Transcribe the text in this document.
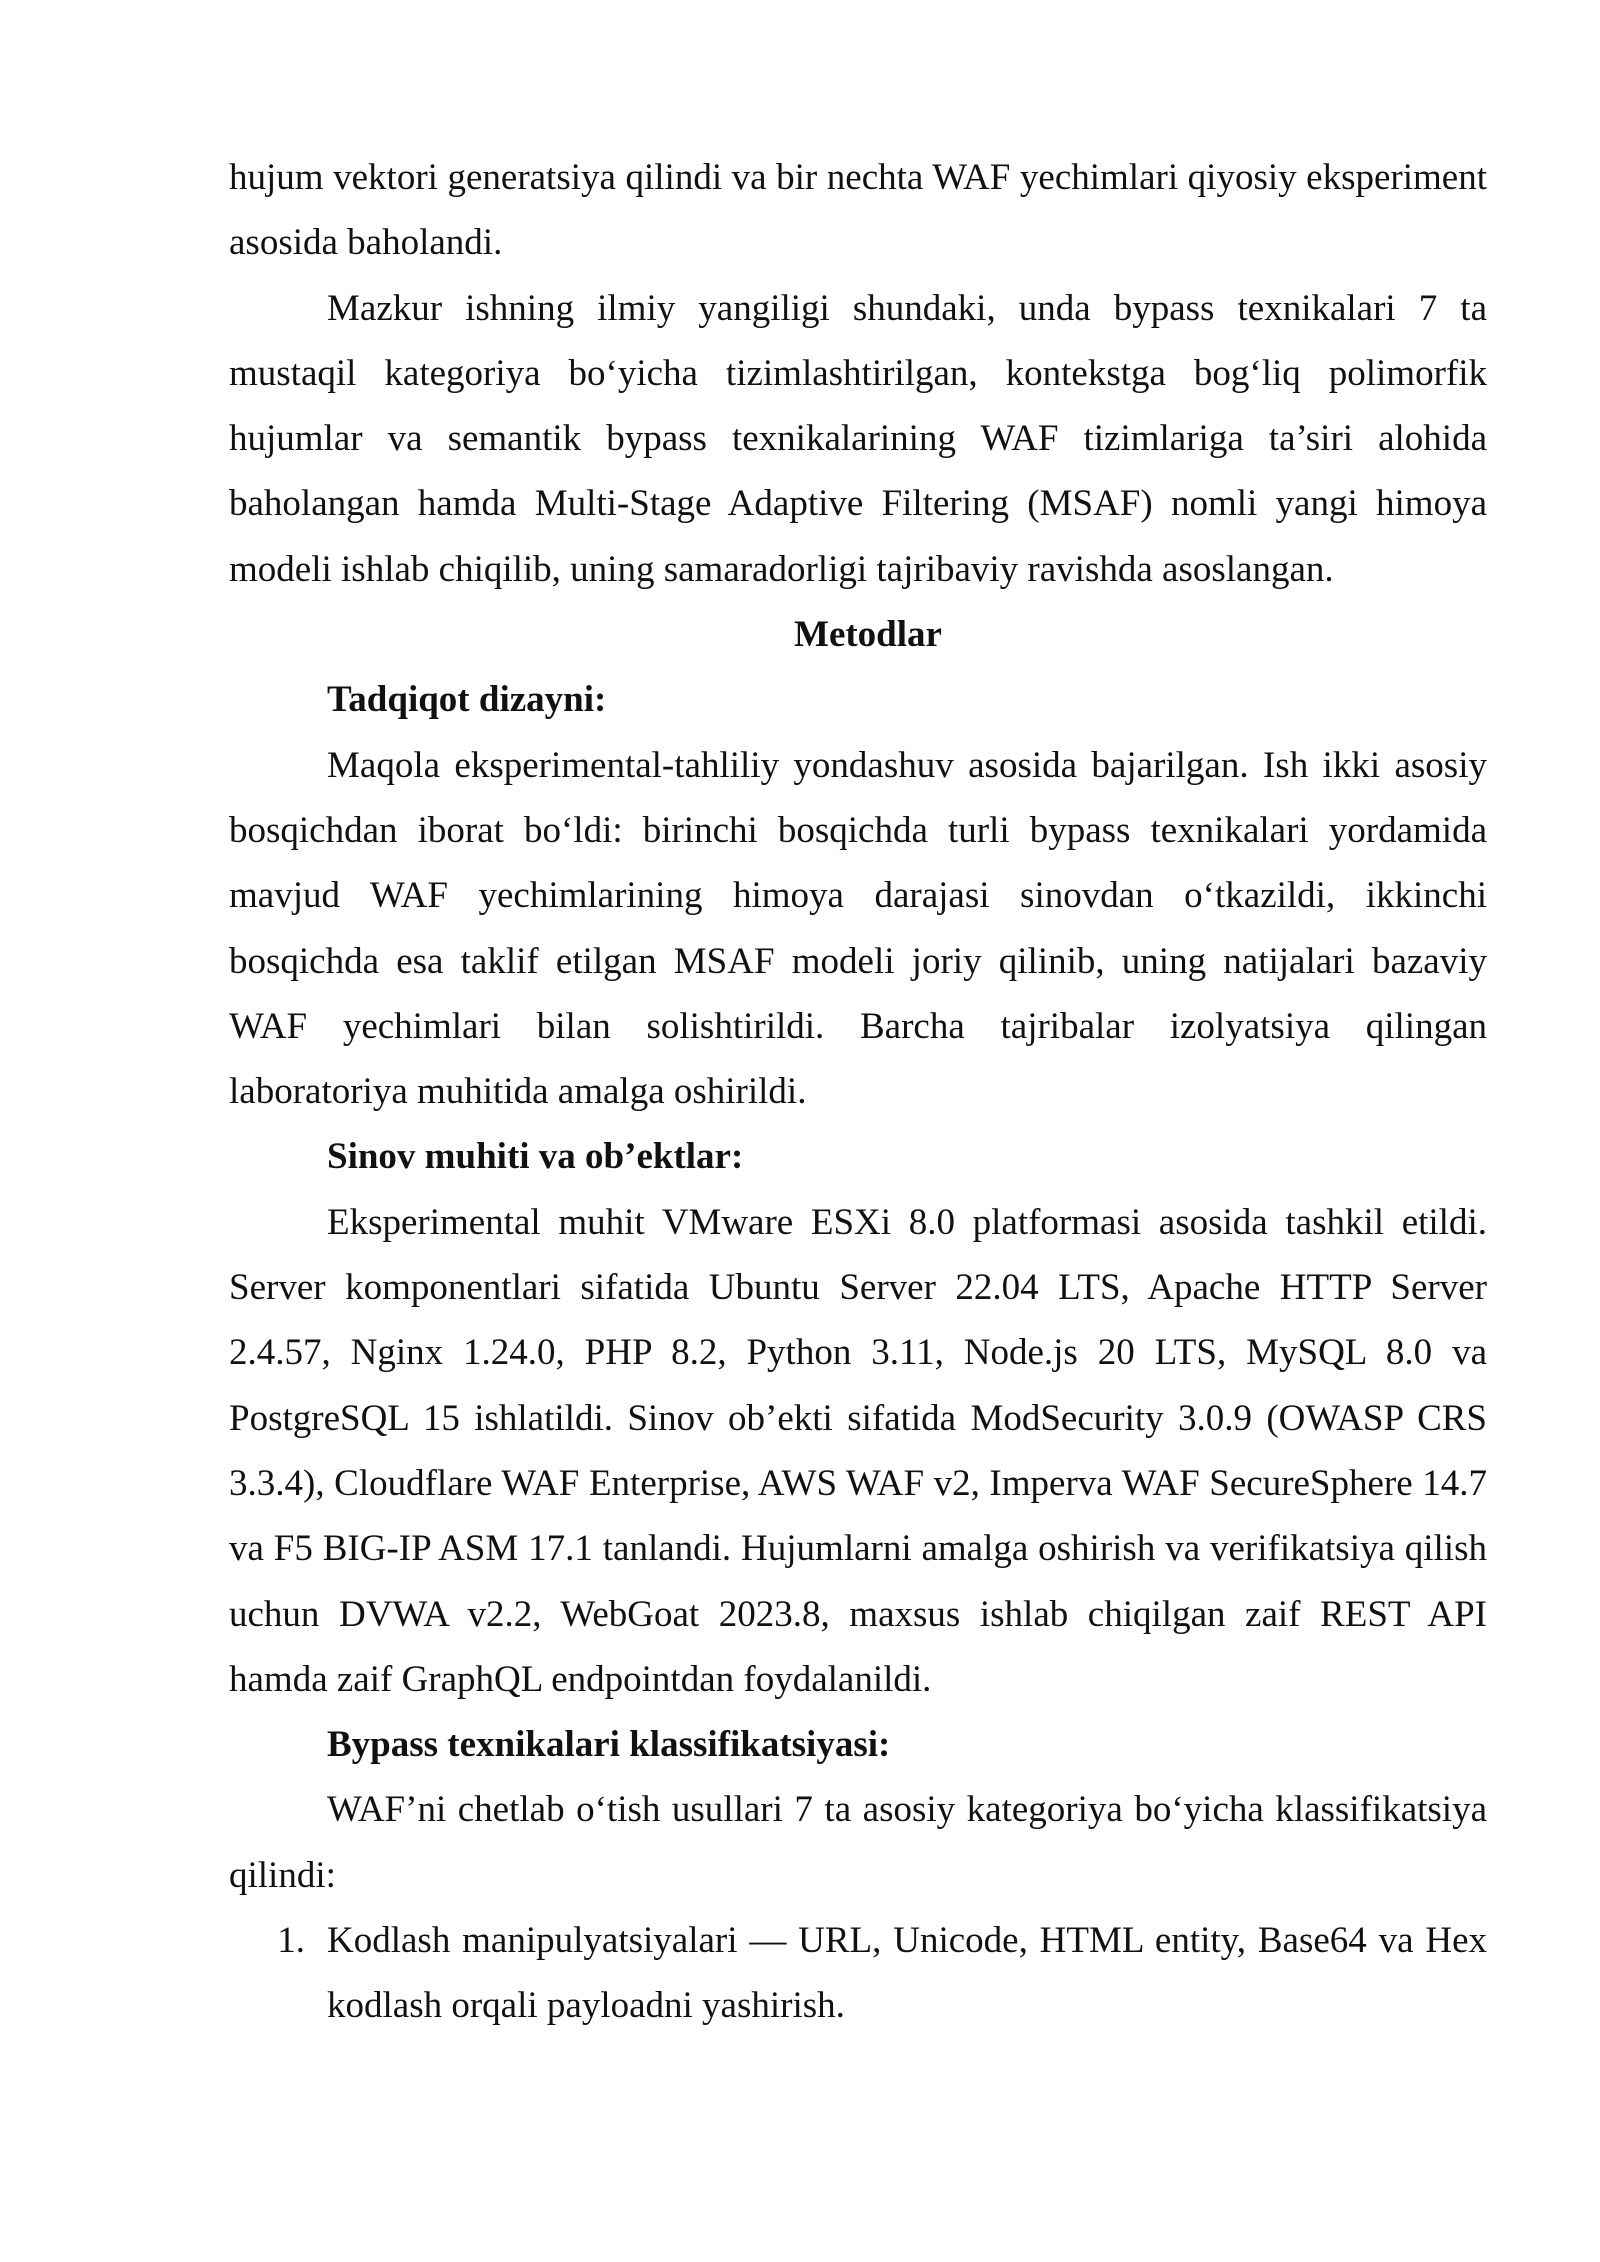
hujum vektori generatsiya qilindi va bir nechta WAF yechimlari qiyosiy eksperiment asosida baholandi.

Mazkur ishning ilmiy yangiligi shundaki, unda bypass texnikalari 7 ta mustaqil kategoriya bo‘yicha tizimlashtirilgan, kontekstga bog‘liq polimorfik hujumlar va semantik bypass texnikalarining WAF tizimlariga ta’siri alohida baholangan hamda Multi-Stage Adaptive Filtering (MSAF) nomli yangi himoya modeli ishlab chiqilib, uning samaradorligi tajribaviy ravishda asoslangan.

Metodlar

Tadqiqot dizayni:

Maqola eksperimental-tahliliy yondashuv asosida bajarilgan. Ish ikki asosiy bosqichdan iborat bo‘ldi: birinchi bosqichda turli bypass texnikalari yordamida mavjud WAF yechimlarining himoya darajasi sinovdan o‘tkazildi, ikkinchi bosqichda esa taklif etilgan MSAF modeli joriy qilinib, uning natijalari bazaviy WAF yechimlari bilan solishtirildi. Barcha tajribalar izolyatsiya qilingan laboratoriya muhitida amalga oshirildi.

Sinov muhiti va ob’ektlar:

Eksperimental muhit VMware ESXi 8.0 platformasi asosida tashkil etildi. Server komponentlari sifatida Ubuntu Server 22.04 LTS, Apache HTTP Server 2.4.57, Nginx 1.24.0, PHP 8.2, Python 3.11, Node.js 20 LTS, MySQL 8.0 va PostgreSQL 15 ishlatildi. Sinov ob’ekti sifatida ModSecurity 3.0.9 (OWASP CRS 3.3.4), Cloudflare WAF Enterprise, AWS WAF v2, Imperva WAF SecureSphere 14.7 va F5 BIG-IP ASM 17.1 tanlandi. Hujumlarni amalga oshirish va verifikatsiya qilish uchun DVWA v2.2, WebGoat 2023.8, maxsus ishlab chiqilgan zaif REST API hamda zaif GraphQL endpointdan foydalanildi.

Bypass texnikalari klassifikatsiyasi:

WAF’ni chetlab o‘tish usullari 7 ta asosiy kategoriya bo‘yicha klassifikatsiya qilindi:

1. Kodlash manipulyatsiyalari — URL, Unicode, HTML entity, Base64 va Hex kodlash orqali payloadni yashirish.
